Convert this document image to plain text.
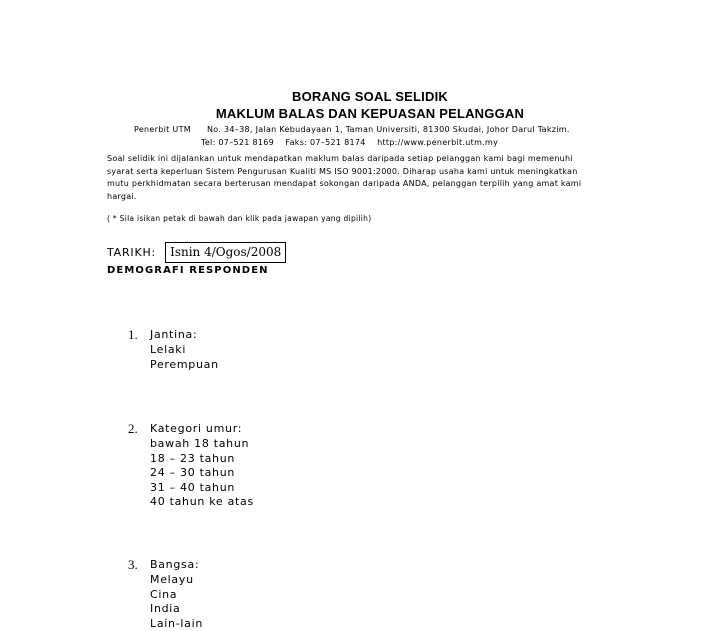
BORANG SOAL SELIDIK
MAKLUM BALAS DAN KEPUASAN PELANGGAN
Penerbit UTM No. 34–38, Jalan Kebudayaan 1, Taman Universiti, 81300 Skudai, Johor Darul Takzim.
Tel: 07–521 8169    Faks: 07–521 8174    http://www.penerbit.utm.my
Soal selidik ini dijalankan untuk mendapatkan maklum balas daripada setiap pelanggan kami bagi memenuhi
syarat serta keperluan Sistem Pengurusan Kualiti MS ISO 9001:2000. Diharap usaha kami untuk meningkatkan
mutu perkhidmatan secara berterusan mendapat sokongan daripada ANDA, pelanggan terpilih yang amat kami
hargai.
( * Sila isikan petak di bawah dan klik pada jawapan yang dipilih)
TARIKH:	Isnin 4/Ogos/2008
DEMOGRAFI RESPONDEN
1. Jantina:
Lelaki
Perempuan
2. Kategori umur:
bawah 18 tahun
18 – 23 tahun
24 – 30 tahun
31 – 40 tahun
40 tahun ke atas
3. Bangsa:
Melayu
Cina
India
Lain-lain
